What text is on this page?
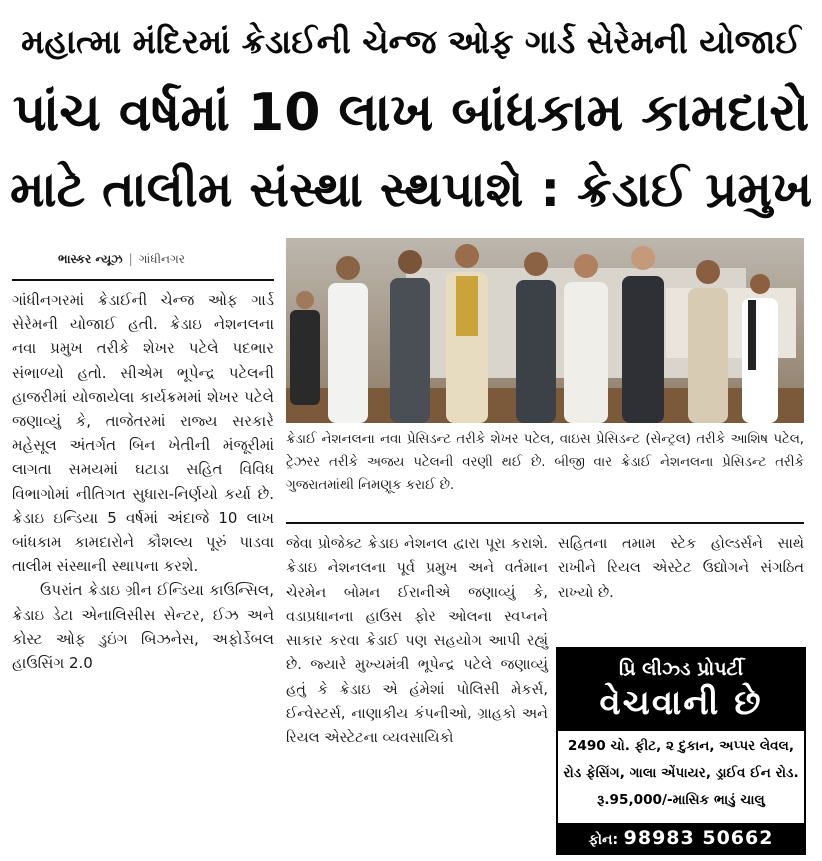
મહાત્મા મંદિરમાં ક્રેડાઈની ચેન્જ ઓફ ગાર્ડ સેરેમની યોજાઈ
પાંચ વર્ષમાં 10 લાખ બાંધકામ કામદારો
માટે તાલીમ સંસ્થા સ્થપાશે : ક્રેડાઈ પ્રમુખ
ભાસ્કર ન્યૂઝ | ગાંધીનગર

ગાંધીનગરમાં ક્રેડાઈની ચેન્જ ઓફ ગાર્ડ સેરેમની યોજાઈ હતી. ક્રેડાઇ નેશનલના નવા પ્રમુખ તરીકે શેખર પટેલે પદભાર સંભાળ્યો હતો. સીએમ ભૂપેન્દ્ર પટેલની હાજરીમાં યોજાયેલા કાર્યક્રમમાં શેખર પટેલે જણાવ્યું કે, તાજેતરમાં રાજ્ય સરકારે મહેસૂલ અંતર્ગત બિન ખેતીની મંજૂરીમાં લાગતા સમયમાં ઘટાડા સહિત વિવિધ વિભાગોમાં નીતિગત સુધારા-નિર્ણયો કર્યા છે. ક્રેડાઇ ઇન્ડિયા 5 વર્ષમાં અંદાજે 10 લાખ બાંધકામ કામદારોને કૌશલ્ય પૂરું પાડવા તાલીમ સંસ્થાની સ્થાપના કરશે.

ઉપરાંત ક્રેડાઇ ગ્રીન ઈન્ડિયા કાઉન્સિલ, ક્રેડાઇ ડેટા એનાલિસીસ સેન્ટર, ઈઝ અને કોસ્ટ ઓફ ડુઇંગ બિઝનેસ, અફોર્ડેબલ હાઉસિંગ 2.0

ક્રેડાઈ નેશનલના નવા પ્રેસિડન્ટ તરીકે શેખર પટેલ, વાઇસ પ્રેસિડન્ટ (સેન્ટ્રલ) તરીકે આશિષ પટેલ, ટ્રેઝરર તરીકે અજય પટેલની વરણી થઈ છે. બીજી વાર ક્રેડાઈ નેશનલના પ્રેસિડન્ટ તરીકે ગુજરાતમાંથી નિમણૂક કરાઈ છે.
જેવા પ્રોજેક્ટ ક્રેડાઇ નેશનલ દ્વારા પૂરા કરાશે. ક્રેડાઇ નેશનલના પૂર્વ પ્રમુખ અને વર્તમાન ચેરમેન બોમન ઈરાનીએ જણાવ્યું કે, વડાપ્રધાનના હાઉસ ફોર ઓલના સ્વપ્નને સાકાર કરવા ક્રેડાઈ પણ સહયોગ આપી રહ્યું છે. જ્યારે મુખ્યમંત્રી ભૂપેન્દ્ર પટેલે જણાવ્યું હતું કે ક્રેડાઇ એ હંમેશાં પોલિસી મેકર્સ, ઈન્વેસ્ટર્સ, નાણાકીય કંપનીઓ, ગ્રાહકો અને રિયલ એસ્ટેટના વ્યવસાયિકો
સહિતના તમામ સ્ટેક હોલ્ડર્સને સાથે રાખીને રિયલ એસ્ટેટ ઉદ્યોગને સંગઠિત રાખ્યો છે.
પ્રિ લીઝ્ડ પ્રોપર્ટી
વેચવાની છે
2490 ચો. ફીટ, ૨ દુકાન, અપ્પર લેવલ,
રોડ ફેસિંગ, ગાલા એંપાયર, ડ્રાઈવ ઈન રોડ.
રૂ.95,000/-માસિક ભાડું ચાલુ
ફોન: 98983 50662
